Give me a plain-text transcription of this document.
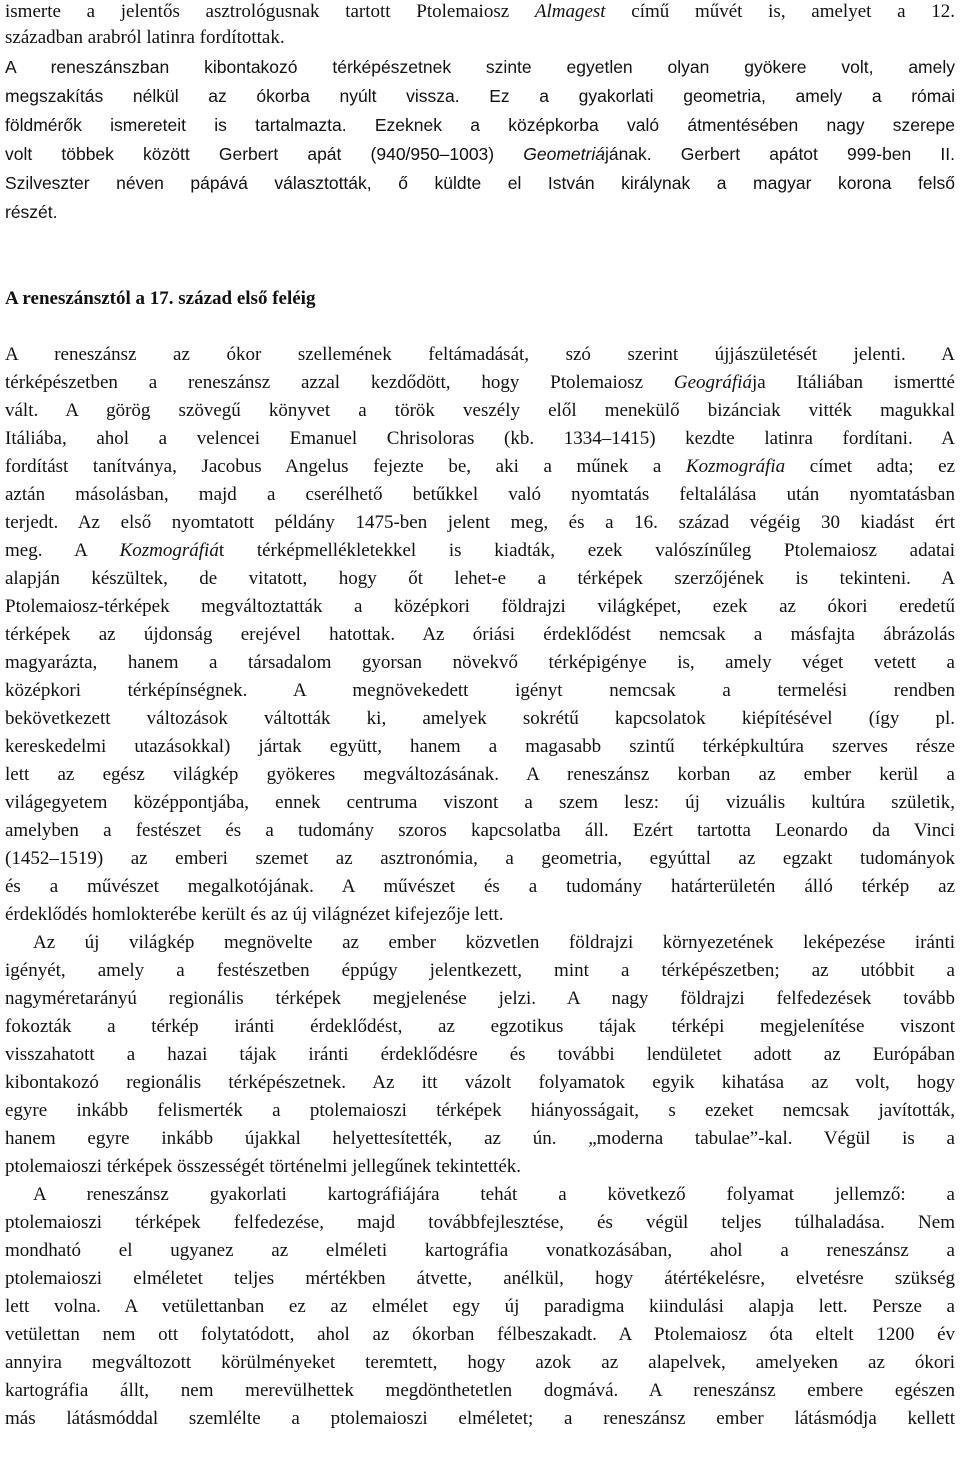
ismerte a jelentős asztrológusnak tartott Ptolemaiosz Almagest című művét is, amelyet a 12.

században arabról latinra fordítottak.

A reneszánszban kibontakozó térképészetnek szinte egyetlen olyan gyökere volt, amely

megszakítás nélkül az ókorba nyúlt vissza. Ez a gyakorlati geometria, amely a római

földmérők ismereteit is tartalmazta. Ezeknek a középkorba való átmentésében nagy szerepe

volt többek között Gerbert apát (940/950–1003) Geometriájának. Gerbert apátot 999-ben II.

Szilveszter néven pápává választották, ő küldte el István királynak a magyar korona felső

részét.

A reneszánsztól a 17. század első feléig

A reneszánsz az ókor szellemének feltámadását, szó szerint újjászületését jelenti. A

térképészetben a reneszánsz azzal kezdődött, hogy Ptolemaiosz Geográfiája Itáliában ismertté

vált. A görög szövegű könyvet a török veszély elől menekülő bizánciak vitték magukkal

Itáliába, ahol a velencei Emanuel Chrisoloras (kb. 1334–1415) kezdte latinra fordítani. A

fordítást tanítványa, Jacobus Angelus fejezte be, aki a műnek a Kozmográfia címet adta; ez

aztán másolásban, majd a cserélhető betűkkel való nyomtatás feltalálása után nyomtatásban

terjedt. Az első nyomtatott példány 1475-ben jelent meg, és a 16. század végéig 30 kiadást ért

meg. A Kozmográfiát térképmellékletekkel is kiadták, ezek valószínűleg Ptolemaiosz adatai

alapján készültek, de vitatott, hogy őt lehet-e a térképek szerzőjének is tekinteni. A

Ptolemaiosz-térképek megváltoztatták a középkori földrajzi világképet, ezek az ókori eredetű

térképek az újdonság erejével hatottak. Az óriási érdeklődést nemcsak a másfajta ábrázolás

magyarázta, hanem a társadalom gyorsan növekvő térképigénye is, amely véget vetett a

középkori térképínségnek. A megnövekedett igényt nemcsak a termelési rendben

bekövetkezett változások váltották ki, amelyek sokrétű kapcsolatok kiépítésével (így pl.

kereskedelmi utazásokkal) jártak együtt, hanem a magasabb szintű térképkultúra szerves része

lett az egész világkép gyökeres megváltozásának. A reneszánsz korban az ember kerül a

világegyetem középpontjába, ennek centruma viszont a szem lesz: új vizuális kultúra születik,

amelyben a festészet és a tudomány szoros kapcsolatba áll. Ezért tartotta Leonardo da Vinci

(1452–1519) az emberi szemet az asztronómia, a geometria, egyúttal az egzakt tudományok

és a művészet megalkotójának. A művészet és a tudomány határterületén álló térkép az

érdeklődés homlokterébe került és az új világnézet kifejezője lett.

Az új világkép megnövelte az ember közvetlen földrajzi környezetének leképezése iránti

igényét, amely a festészetben éppúgy jelentkezett, mint a térképészetben; az utóbbit a

nagyméretarányú regionális térképek megjelenése jelzi. A nagy földrajzi felfedezések tovább

fokozták a térkép iránti érdeklődést, az egzotikus tájak térképi megjelenítése viszont

visszahatott a hazai tájak iránti érdeklődésre és további lendületet adott az Európában

kibontakozó regionális térképészetnek. Az itt vázolt folyamatok egyik kihatása az volt, hogy

egyre inkább felismerték a ptolemaioszi térképek hiányosságait, s ezeket nemcsak javították,

hanem egyre inkább újakkal helyettesítették, az ún. „moderna tabulae”-kal. Végül is a

ptolemaioszi térképek összességét történelmi jellegűnek tekintették.

A reneszánsz gyakorlati kartográfiájára tehát a következő folyamat jellemző: a

ptolemaioszi térképek felfedezése, majd továbbfejlesztése, és végül teljes túlhaladása. Nem

mondható el ugyanez az elméleti kartográfia vonatkozásában, ahol a reneszánsz a

ptolemaioszi elméletet teljes mértékben átvette, anélkül, hogy átértékelésre, elvetésre szükség

lett volna. A vetülettanban ez az elmélet egy új paradigma kiindulási alapja lett. Persze a

vetülettan nem ott folytatódott, ahol az ókorban félbeszakadt. A Ptolemaiosz óta eltelt 1200 év

annyira megváltozott körülményeket teremtett, hogy azok az alapelvek, amelyeken az ókori

kartográfia állt, nem merevülhettek megdönthetetlen dogmává. A reneszánsz embere egészen

más látásmóddal szemlélte a ptolemaioszi elméletet; a reneszánsz ember látásmódja kellett
